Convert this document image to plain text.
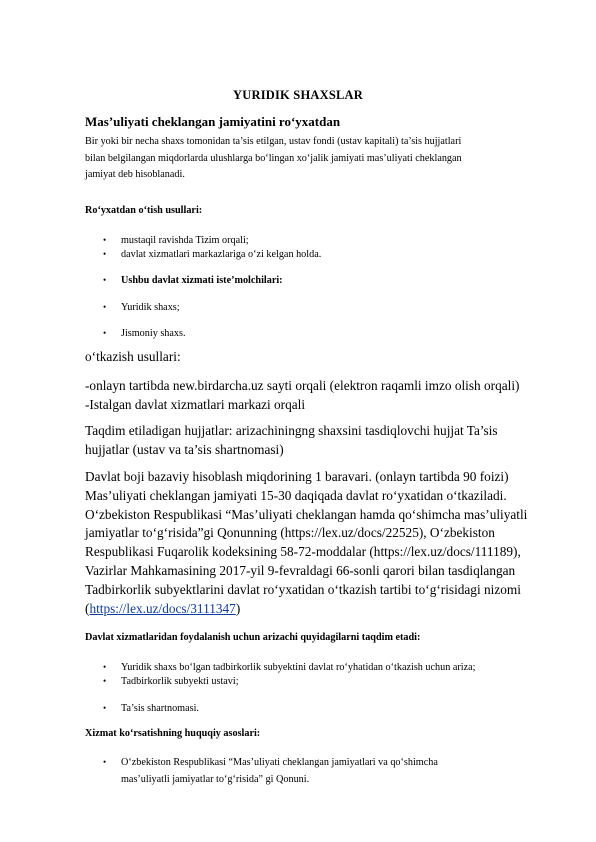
YURIDIK SHAXSLAR
Mas’uliyati cheklangan jamiyatini ro‘yxatdan
Bir yoki bir necha shaxs tomonidan ta’sis etilgan, ustav fondi (ustav kapitali) ta’sis hujjatlari
bilan belgilangan miqdorlarda ulushlarga bo‘lingan xo‘jalik jamiyati mas’uliyati cheklangan
jamiyat deb hisoblanadi.
Ro‘yxatdan o‘tish usullari:
• mustaqil ravishda Tizim orqali;
• davlat xizmatlari markazlariga o‘zi kelgan holda.
• Ushbu davlat xizmati iste’molchilari:
• Yuridik shaxs;
• Jismoniy shaxs.
o‘tkazish usullari:
-onlayn tartibda new.birdarcha.uz sayti orqali (elektron raqamli imzo olish orqali)
-Istalgan davlat xizmatlari markazi orqali
Taqdim etiladigan hujjatlar: arizachiningng shaxsini tasdiqlovchi hujjat Ta’sis
hujjatlar (ustav va ta’sis shartnomasi)
Davlat boji bazaviy hisoblash miqdorining 1 baravari. (onlayn tartibda 90 foizi)
Mas’uliyati cheklangan jamiyati 15-30 daqiqada davlat ro‘yxatidan o‘tkaziladi.
O‘zbekiston Respublikasi “Mas’uliyati cheklangan hamda qo‘shimcha mas’uliyatli
jamiyatlar to‘g‘risida”gi Qonunning (https://lex.uz/docs/22525), O‘zbekiston
Respublikasi Fuqarolik kodeksining 58-72-moddalar (https://lex.uz/docs/111189),
Vazirlar Mahkamasining 2017-yil 9-fevraldagi 66-sonli qarori bilan tasdiqlangan
Tadbirkorlik subyektlarini davlat ro‘yxatidan o‘tkazish tartibi to‘g‘risidagi nizomi
(https://lex.uz/docs/3111347)
Davlat xizmatlaridan foydalanish uchun arizachi quyidagilarni taqdim etadi:
• Yuridik shaxs bo‘lgan tadbirkorlik subyektini davlat ro‘yhatidan o‘tkazish uchun ariza;
• Tadbirkorlik subyekti ustavi;
• Ta’sis shartnomasi.
Xizmat ko‘rsatishning huquqiy asoslari:
• O‘zbekiston Respublikasi “Mas’uliyati cheklangan jamiyatlari va qo‘shimcha
mas’uliyatli jamiyatlar to‘g‘risida” gi Qonuni.
